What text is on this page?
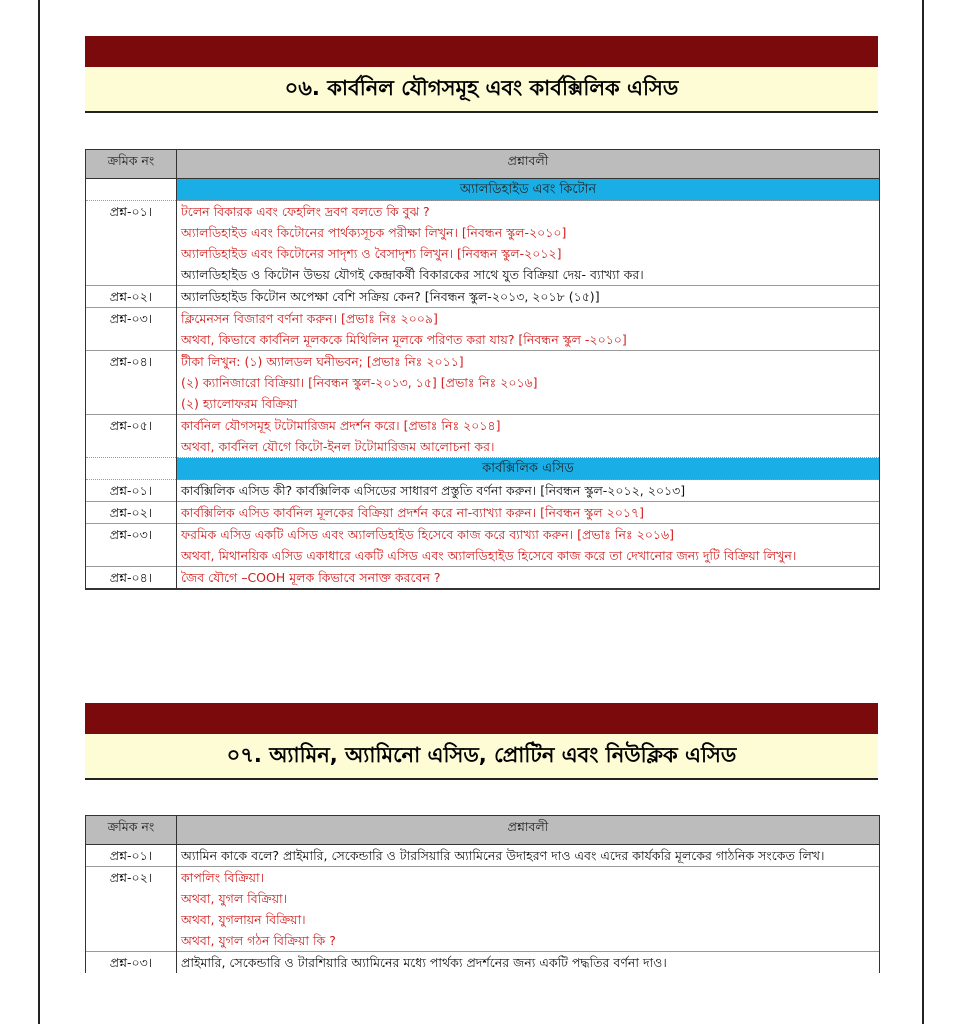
০৬. কার্বনিল যৌগসমূহ এবং কার্বক্সিলিক এসিড
ক্রমিক নং	প্রশ্নাবলী
	অ্যালডিহাইড এবং কিটোন
প্রশ্ন-০১।	টলেন বিকারক এবং ফেহলিং দ্রবণ বলতে কি বুঝ ?
অ্যালডিহাইড এবং কিটোনের পার্থক্যসূচক পরীক্ষা লিখুন। [নিবন্ধন স্কুল-২০১০]
অ্যালডিহাইড এবং কিটোনের সাদৃশ্য ও বৈসাদৃশ্য লিখুন। [নিবন্ধন স্কুল-২০১২]
অ্যালডিহাইড ও কিটোন উভয় যৌগই কেন্দ্রাকর্ষী বিকারকের সাথে যুত বিক্রিয়া দেয়- ব্যাখ্যা কর।

প্রশ্ন-০২।	অ্যালডিহাইড কিটোন অপেক্ষা বেশি সক্রিয় কেন? [নিবন্ধন স্কুল-২০১৩, ২০১৮ (১৫)]

প্রশ্ন-০৩।	ক্লিমেনসন বিজারণ বর্ণনা করুন। [প্রভাঃ নিঃ ২০০৯]
অথবা, কিভাবে কার্বনিল মূলককে মিথিলিন মূলকে পরিণত করা যায়? [নিবন্ধন স্কুল -২০১০]

প্রশ্ন-০৪।	টীকা লিখুন: (১) অ্যালডল ঘনীভবন; [প্রভাঃ নিঃ ২০১১]
(২) ক্যানিজারো বিক্রিয়া। [নিবন্ধন স্কুল-২০১৩, ১৫] [প্রভাঃ নিঃ ২০১৬]
(২) হ্যালোফরম বিক্রিয়া

প্রশ্ন-০৫।	কার্বনিল যৌগসমূহ টটোমারিজম প্রদর্শন করে। [প্রভাঃ নিঃ ২০১৪]
অথবা, কার্বনিল যৌগে কিটো-ইনল টটোমারিজম আলোচনা কর।

	কার্বক্সিলিক এসিড
প্রশ্ন-০১।	কার্বক্সিলিক এসিড কী? কার্বক্সিলিক এসিডের সাধারণ প্রস্তুতি বর্ণনা করুন। [নিবন্ধন স্কুল-২০১২, ২০১৩]

প্রশ্ন-০২।	কার্বক্সিলিক এসিড কার্বনিল মূলকের বিক্রিয়া প্রদর্শন করে না-ব্যাখ্যা করুন। [নিবন্ধন স্কুল ২০১৭]

প্রশ্ন-০৩।	ফরমিক এসিড একটি এসিড এবং অ্যালডিহাইড হিসেবে কাজ করে ব্যাখ্যা করুন। [প্রভাঃ নিঃ ২০১৬]
অথবা, মিথানয়িক এসিড একাধারে একটি এসিড এবং অ্যালডিহাইড হিসেবে কাজ করে তা দেখানোর জন্য দুটি বিক্রিয়া লিখুন।

প্রশ্ন-০৪।	জৈব যৌগে –COOH মূলক কিভাবে সনাক্ত করবেন ?
০৭. অ্যামিন, অ্যামিনো এসিড, প্রোটিন এবং নিউক্লিক এসিড
ক্রমিক নং	প্রশ্নাবলী
প্রশ্ন-০১।	অ্যামিন কাকে বলে? প্রাইমারি, সেকেন্ডারি ও টারসিয়ারি অ্যামিনের উদাহরণ দাও এবং এদের কার্যকরি মূলকের গাঠনিক সংকেত লিখ।

প্রশ্ন-০২।	কাপলিং বিক্রিয়া।
অথবা, যুগল বিক্রিয়া।
অথবা, যুগলায়ন বিক্রিয়া।
অথবা, যুগল গঠন বিক্রিয়া কি ?

প্রশ্ন-০৩।	প্রাইমারি, সেকেন্ডারি ও টারশিয়ারি অ্যামিনের মধ্যে পার্থক্য প্রদর্শনের জন্য একটি পদ্ধতির বর্ণনা দাও।
